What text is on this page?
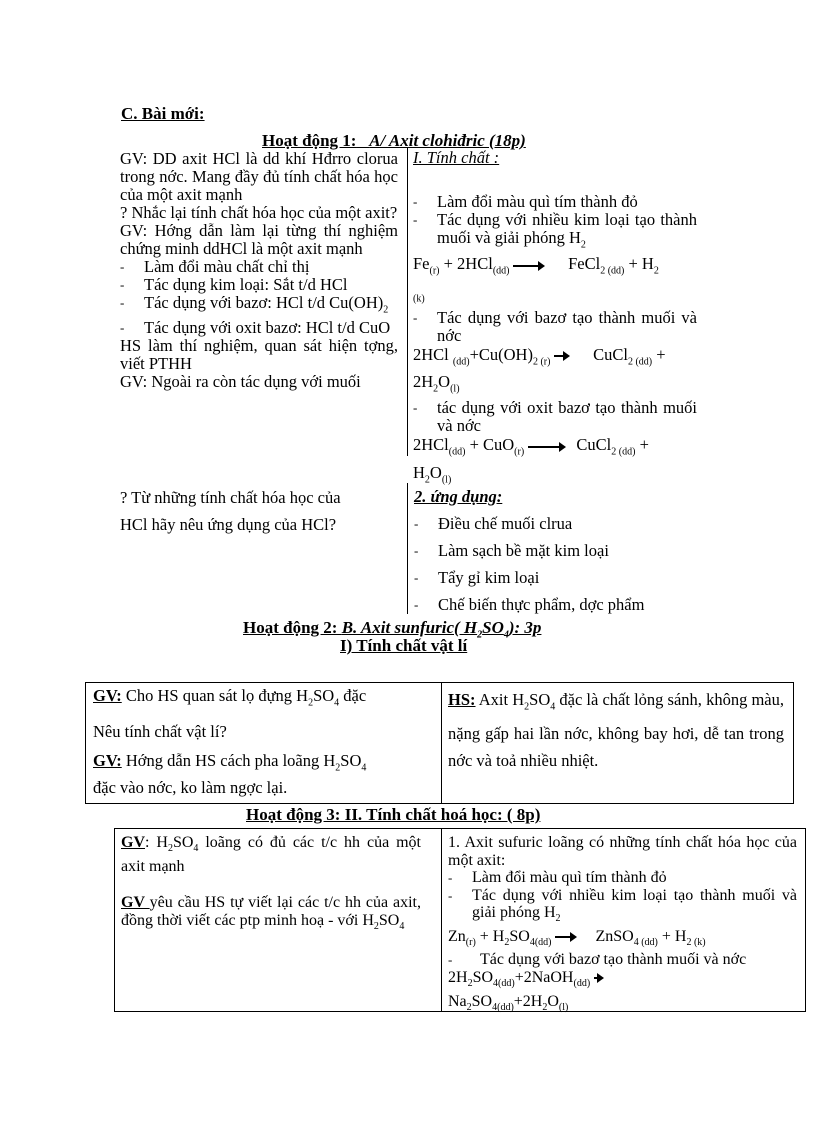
C. Bài mới:
Hoạt động 1: A/ Axit clohiđric (18p)

GV: DD axit HCl là dd khí Hđrro clorua trong nớc. Mang đầy đủ tính chất hóa học của một axit mạnh

? Nhắc lại tính chất hóa học của một axit?

GV: Hớng dẫn làm lại từng thí nghiệm chứng minh ddHCl là một axit mạnh

- Làm đổi màu chất chỉ thị
- Tác dụng kim loại: Sắt t/d HCl
- Tác dụng với bazơ: HCl t/d $Cu(OH)_2$
- Tác dụng với oxit bazơ: HCl t/d CuO

HS làm thí nghiệm, quan sát hiện tợng, viết PTHH

GV: Ngoài ra còn tác dụng với muối

I. Tính chất :

- Làm đổi màu quì tím thành đỏ
- Tác dụng với nhiều kim loại tạo thành muối và giải phóng $H_2$

$Fe_{(r)} + 2HCl_{(dd)}$ → FeCl$_{2 (dd)}$ + $H_2$
$_{(k)}$

- Tác dụng với bazơ tạo thành muối và nớc

2HCl $_{(dd)}+Cu(OH)_{2 (r)}$	CuCl$_{2 (dd)}$ +
$2H_2O_{(l)}$

- tác dụng với oxit bazơ tạo thành muối và nớc

2HCl$_{(dd)}$ + CuO$_{(r)}$ → CuCl$_{2 (dd)}$ +
$H_2O_{(l)}$

? Từ những tính chất hóa học của

HCl hãy nêu ứng dụng của HCl?

2. ứng dụng:

- Điều chế muối clrua
- Làm sạch bề mặt kim loại
- Tẩy gỉ kim loại
- Chế biến thực phẩm, dợc phẩm
Hoạt động 2: B. Axit sunfuric( $H_2SO_4$): 3p
I) Tính chất vật lí

GV: Cho HS quan sát lọ đựng $H_2SO_4$ đặc

Nêu tính chất vật lí?

GV: Hớng dẫn HS cách pha loãng $H_2SO_4$
đặc vào nớc, ko làm ngợc lại.

HS: Axit $H_2SO_4$ đặc là chất lỏng sánh, không màu, nặng gấp hai lần nớc, không bay hơi, dễ tan trong nớc và toả nhiều nhiệt.
Hoạt động 3: II. Tính chất hoá học: ( 8p)

GV: $H_2SO_4$ loãng có đủ các t/c hh của một axit mạnh

GV yêu cầu HS tự viết lại các t/c hh của axit, đồng thời viết các ptp minh hoạ - với $H_2SO_4$

1. Axit sufuric loãng có những tính chất hóa học của một axit:

- Làm đổi màu quì tím thành đỏ
- Tác dụng với nhiều kim loại tạo thành muối và giải phóng $H_2$

$Zn_{(r)} + H_2SO_{4(dd)}$ → ZnSO$_{4 (dd)}$ + $H_{2 (k)}$

- Tác dụng với bazơ tạo thành muối và nớc

$2H_2SO_{4(dd)}+2NaOH_{(dd)}$

$Na_2SO_{4(dd)}+2H_2O_{(l)}$
